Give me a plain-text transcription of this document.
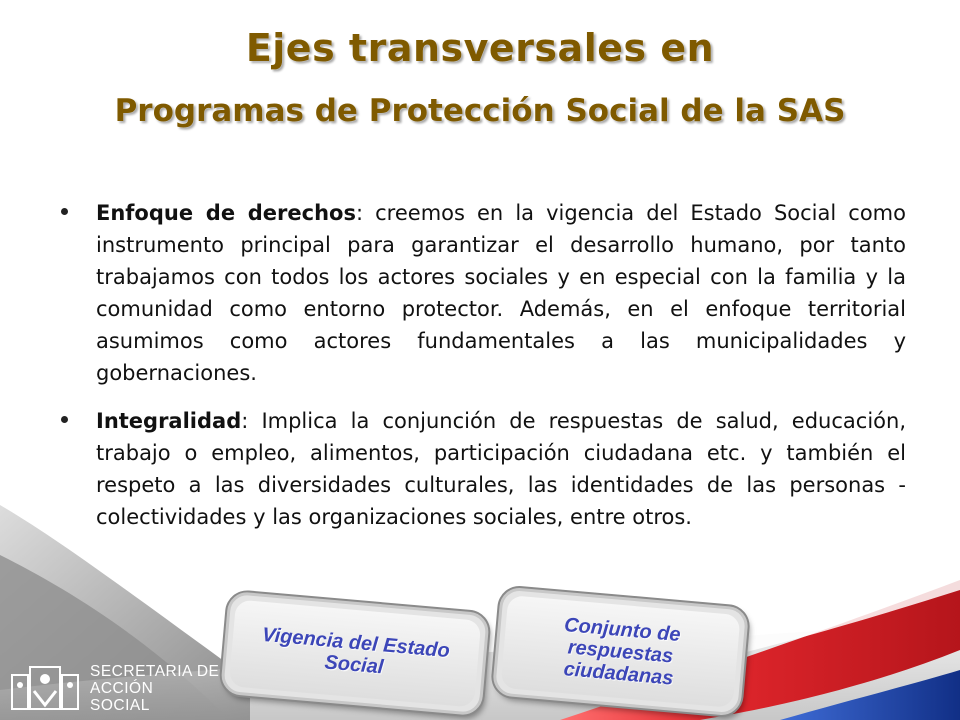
Ejes transversales en
Programas de Protección Social de la SAS
Enfoque de derechos: creemos en la vigencia del Estado Social como instrumento principal para garantizar el desarrollo humano, por tanto trabajamos con todos los actores sociales y en especial con la familia y la comunidad como entorno protector. Además, en el enfoque territorial asumimos como actores fundamentales a las municipalidades y gobernaciones.
Integralidad: Implica la conjunción de respuestas de salud, educación, trabajo o empleo, alimentos, participación ciudadana etc. y también el respeto a las diversidades culturales, las identidades de las personas - colectividades y las organizaciones sociales, entre otros.
Vigencia del Estado Social
Conjunto de respuestas ciudadanas
SECRETARIA DE
ACCIÓN
SOCIAL
